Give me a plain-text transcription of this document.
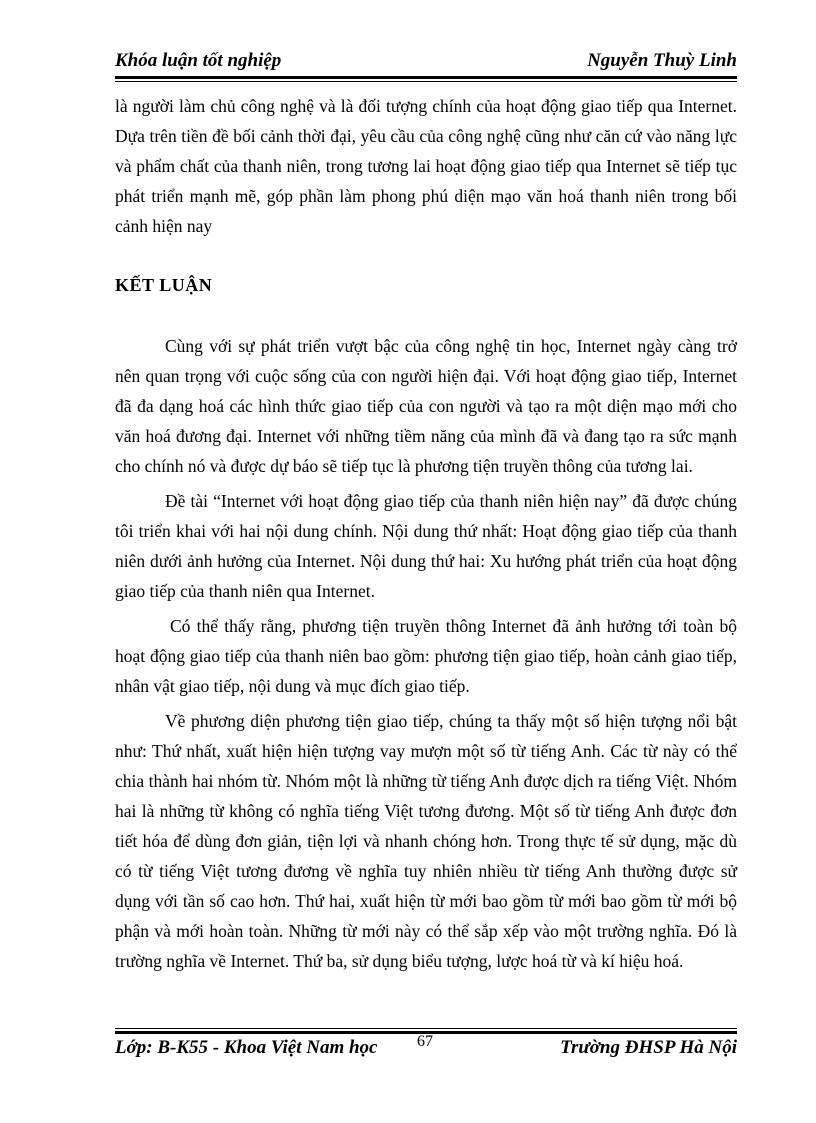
Khóa luận tốt nghiệp	Nguyễn Thuỳ Linh

là người làm chủ công nghệ và là đối tượng chính của hoạt động giao tiếp qua Internet. Dựa trên tiền đề bối cảnh thời đại, yêu cầu của công nghệ cũng như căn cứ vào năng lực và phẩm chất của thanh niên, trong tương lai hoạt động giao tiếp qua Internet sẽ tiếp tục phát triển mạnh mẽ, góp phần làm phong phú diện mạo văn hoá thanh niên trong bối cảnh hiện nay

KẾT LUẬN

Cùng với sự phát triển vượt bậc của công nghệ tin học, Internet ngày càng trở nên quan trọng với cuộc sống của con người hiện đại. Với hoạt động giao tiếp, Internet đã đa dạng hoá các hình thức giao tiếp của con người và tạo ra một diện mạo mới cho văn hoá đương đại. Internet với những tiềm năng của mình đã và đang tạo ra sức mạnh cho chính nó và được dự báo sẽ tiếp tục là phương tiện truyền thông của tương lai.

Đề tài “Internet với hoạt động giao tiếp của thanh niên hiện nay” đã được chúng tôi triển khai với hai nội dung chính. Nội dung thứ nhất: Hoạt động giao tiếp của thanh niên dưới ảnh hưởng của Internet. Nội dung thứ hai: Xu hướng phát triển của hoạt động giao tiếp của thanh niên qua Internet.

Có thể thấy rằng, phương tiện truyền thông Internet đã ảnh hưởng tới toàn bộ hoạt động giao tiếp của thanh niên bao gồm: phương tiện giao tiếp, hoàn cảnh giao tiếp, nhân vật giao tiếp, nội dung và mục đích giao tiếp.

Về phương diện phương tiện giao tiếp, chúng ta thấy một số hiện tượng nổi bật như: Thứ nhất, xuất hiện hiện tượng vay mượn một số từ tiếng Anh. Các từ này có thể chia thành hai nhóm từ. Nhóm một là những từ tiếng Anh được dịch ra tiếng Việt. Nhóm hai là những từ không có nghĩa tiếng Việt tương đương. Một số từ tiếng Anh được đơn tiết hóa để dùng đơn giản, tiện lợi và nhanh chóng hơn. Trong thực tế sử dụng, mặc dù có từ tiếng Việt tương đương về nghĩa tuy nhiên nhiều từ tiếng Anh thường được sử dụng với tần số cao hơn. Thứ hai, xuất hiện từ mới bao gồm từ mới bao gồm từ mới bộ phận và mới hoàn toàn. Những từ mới này có thể sắp xếp vào một trường nghĩa. Đó là trường nghĩa về Internet. Thứ ba, sử dụng biểu tượng, lược hoá từ và kí hiệu hoá.

Lớp: B-K55 - Khoa Việt Nam học 67	Trường ĐHSP Hà Nội
